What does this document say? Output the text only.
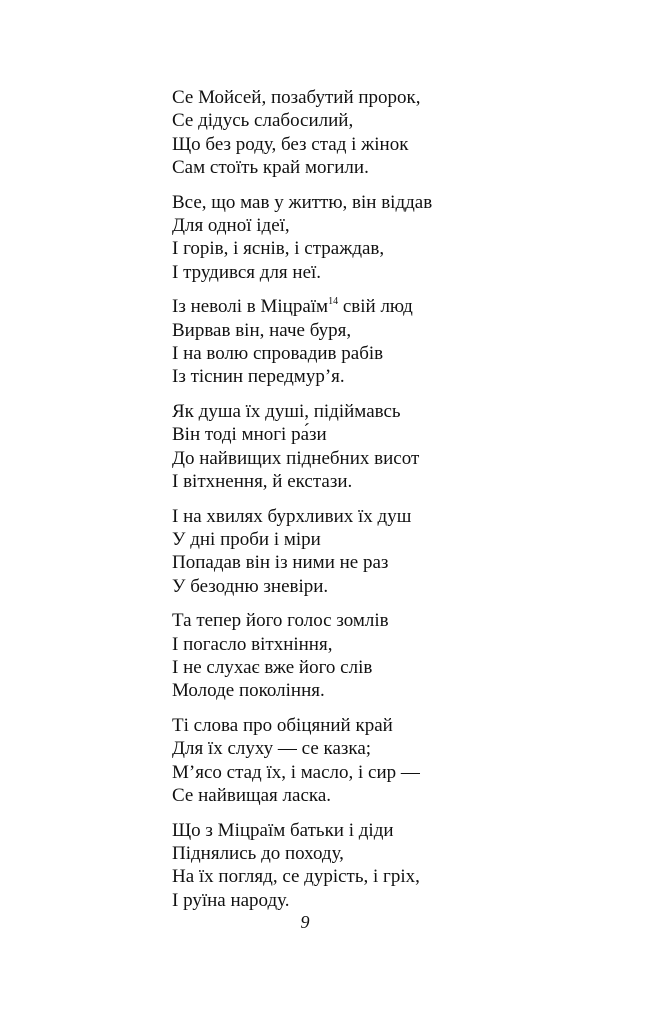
Се Мойсей, позабутий пророк,
Се дідусь слабосилий,
Що без роду, без стад і жінок
Сам стоїть край могили.
Все, що мав у життю, він віддав
Для одної ідеї,
І горів, і яснів, і страждав,
І трудився для неї.
Із неволі в Міцраїм$^{14}$ свій люд
Вирвав він, наче буря,
І на волю спровадив рабів
Із тіснин передмур’я.
Як душа їх душі, підіймавсь
Він тоді многі ра́зи
До найвищих піднебних висот
І вітхнення, й екстази.
І на хвилях бурхливих їх душ
У дні проби і міри
Попадав він із ними не раз
У безодню зневіри.
Та тепер його голос зомлів
І погасло вітхніння,
І не слухає вже його слів
Молоде покоління.
Ті слова про обіцяний край
Для їх слуху — се казка;
М’ясо стад їх, і масло, і сир —
Се найвищая ласка.
Що з Міцраїм батьки і діди
Піднялись до походу,
На їх погляд, се дурість, і гріх,
І руїна народу.
9
